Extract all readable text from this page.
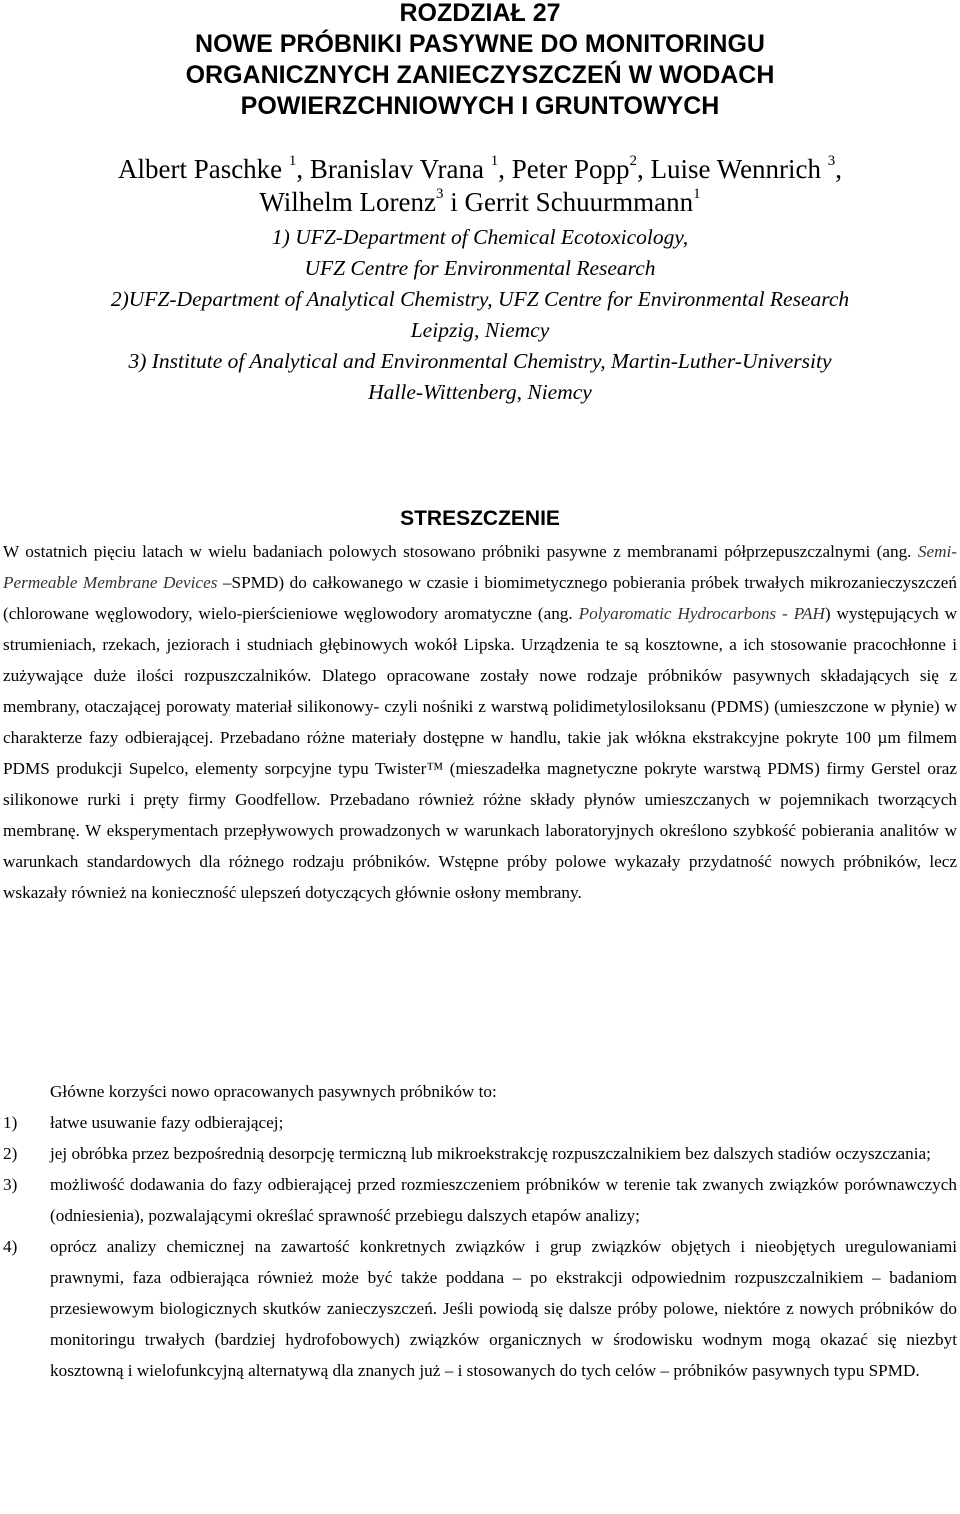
ROZDZIAŁ 27
NOWE PRÓBNIKI PASYWNE DO MONITORINGU
ORGANICZNYCH ZANIECZYSZCZEŃ W WODACH
POWIERZCHNIOWYCH I GRUNTOWYCH
Albert Paschke $^1$, Branislav Vrana $^1$, Peter Popp$^2$, Luise Wennrich $^3$,
Wilhelm Lorenz$^3$ i Gerrit Schuurmmann$^1$
1) UFZ-Department of Chemical Ecotoxicology,
UFZ Centre for Environmental Research
2)UFZ-Department of Analytical Chemistry, UFZ Centre for Environmental Research
Leipzig, Niemcy
3) Institute of Analytical and Environmental Chemistry, Martin-Luther-University
Halle-Wittenberg, Niemcy
STRESZCZENIE

W ostatnich pięciu latach w wielu badaniach polowych stosowano próbniki pasywne z membranami półprzepuszczalnymi (ang. Semi-Permeable Membrane Devices –SPMD) do całkowanego w czasie i biomimetycznego pobierania próbek trwałych mikrozanieczyszczeń (chlorowane węglowodory, wielo-pierścieniowe węglowodory aromatyczne (ang. Polyaromatic Hydrocarbons - PAH) występujących w strumieniach, rzekach, jeziorach i studniach głębinowych wokół Lipska. Urządzenia te są kosztowne, a ich stosowanie pracochłonne i zużywające duże ilości rozpuszczalników. Dlatego opracowane zostały nowe rodzaje próbników pasywnych składających się z membrany, otaczającej porowaty materiał silikonowy- czyli nośniki z warstwą polidimetylosiloksanu (PDMS) (umieszczone w płynie) w charakterze fazy odbierającej. Przebadano różne materiały dostępne w handlu, takie jak włókna ekstrakcyjne pokryte 100 µm filmem PDMS produkcji Supelco, elementy sorpcyjne typu Twister™ (mieszadełka magnetyczne pokryte warstwą PDMS) firmy Gerstel oraz silikonowe rurki i pręty firmy Goodfellow. Przebadano również różne składy płynów umieszczanych w pojemnikach tworzących membranę. W eksperymentach przepływowych prowadzonych w warunkach laboratoryjnych określono szybkość pobierania analitów w warunkach standardowych dla różnego rodzaju próbników. Wstępne próby polowe wykazały przydatność nowych próbników, lecz wskazały również na konieczność ulepszeń dotyczących głównie osłony membrany.

Główne korzyści nowo opracowanych pasywnych próbników to:

1) łatwe usuwanie fazy odbierającej;
2) jej obróbka przez bezpośrednią desorpcję termiczną lub mikroekstrakcję rozpuszczalnikiem bez dalszych stadiów oczyszczania;
3) możliwość dodawania do fazy odbierającej przed rozmieszczeniem próbników w terenie tak zwanych związków porównawczych (odniesienia), pozwalającymi określać sprawność przebiegu dalszych etapów analizy;
4) oprócz analizy chemicznej na zawartość konkretnych związków i grup związków objętych i nieobjętych uregulowaniami prawnymi, faza odbierająca również może być także poddana – po ekstrakcji odpowiednim rozpuszczalnikiem – badaniom przesiewowym biologicznych skutków zanieczyszczeń. Jeśli powiodą się dalsze próby polowe, niektóre z nowych próbników do monitoringu trwałych (bardziej hydrofobowych) związków organicznych w środowisku wodnym mogą okazać się niezbyt kosztowną i wielofunkcyjną alternatywą dla znanych już – i stosowanych do tych celów – próbników pasywnych typu SPMD.
